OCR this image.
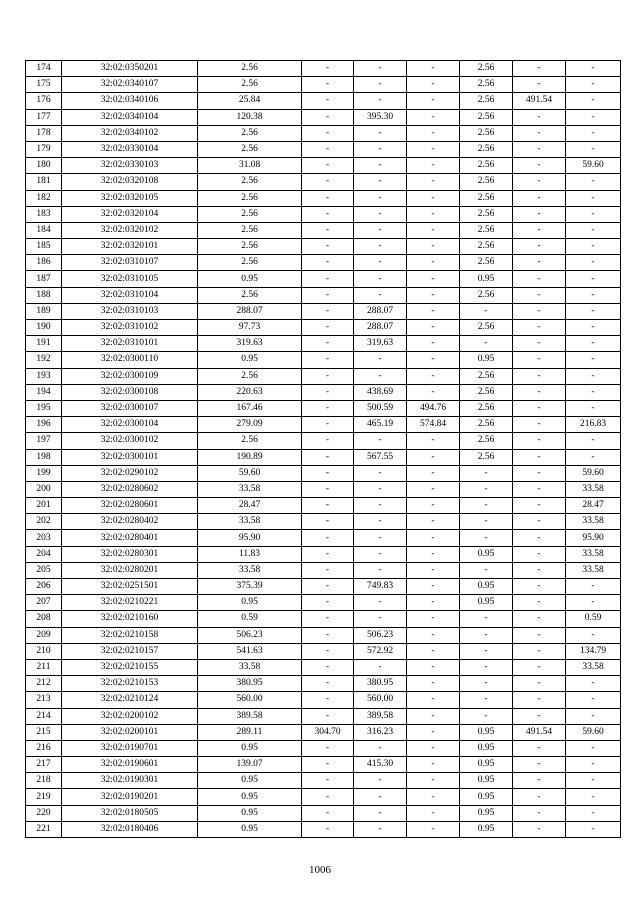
174	32:02:0350201	2.56	-	-	-	2.56	-	-
175	32:02:0340107	2.56	-	-	-	2.56	-	-
176	32:02:0340106	25.84	-	-	-	2.56	491.54	-
177	32:02:0340104	120.38	-	395.30	-	2.56	-	-
178	32:02:0340102	2.56	-	-	-	2.56	-	-
179	32:02:0330104	2.56	-	-	-	2.56	-	-
180	32:02:0330103	31.08	-	-	-	2.56	-	59.60
181	32:02:0320108	2.56	-	-	-	2.56	-	-
182	32:02:0320105	2.56	-	-	-	2.56	-	-
183	32:02:0320104	2.56	-	-	-	2.56	-	-
184	32:02:0320102	2.56	-	-	-	2.56	-	-
185	32:02:0320101	2.56	-	-	-	2.56	-	-
186	32:02:0310107	2.56	-	-	-	2.56	-	-
187	32:02:0310105	0.95	-	-	-	0.95	-	-
188	32:02:0310104	2.56	-	-	-	2.56	-	-
189	32:02:0310103	288.07	-	288.07	-	-	-	-
190	32:02:0310102	97.73	-	288.07	-	2.56	-	-
191	32:02:0310101	319.63	-	319.63	-	-	-	-
192	32:02:0300110	0.95	-	-	-	0.95	-	-
193	32:02:0300109	2.56	-	-	-	2.56	-	-
194	32:02:0300108	220.63	-	438.69	-	2.56	-	-
195	32:02:0300107	167.46	-	500.59	494.76	2.56	-	-
196	32:02:0300104	279.09	-	465.19	574.84	2.56	-	216.83
197	32:02:0300102	2.56	-	-	-	2.56	-	-
198	32:02:0300101	190.89	-	567.55	-	2.56	-	-
199	32:02:0290102	59.60	-	-	-	-	-	59.60
200	32:02:0280602	33.58	-	-	-	-	-	33.58
201	32:02:0280601	28.47	-	-	-	-	-	28.47
202	32:02:0280402	33.58	-	-	-	-	-	33.58
203	32:02:0280401	95.90	-	-	-	-	-	95.90
204	32:02:0280301	11.83	-	-	-	0.95	-	33.58
205	32:02:0280201	33.58	-	-	-	-	-	33.58
206	32:02:0251501	375.39	-	749.83	-	0.95	-	-
207	32:02:0210221	0.95	-	-	-	0.95	-	-
208	32:02:0210160	0.59	-	-	-	-	-	0.59
209	32:02:0210158	506.23	-	506.23	-	-	-	-
210	32:02:0210157	541.63	-	572.92	-	-	-	134.79
211	32:02:0210155	33.58	-	-	-	-	-	33.58
212	32:02:0210153	380.95	-	380.95	-	-	-	-
213	32:02:0210124	560.00	-	560.00	-	-	-	-
214	32:02:0200102	389.58	-	389.58	-	-	-	-
215	32:02:0200101	289.11	304.70	316.23	-	0.95	491.54	59.60
216	32:02:0190701	0.95	-	-	-	0.95	-	-
217	32:02:0190601	139.07	-	415.30	-	0.95	-	-
218	32:02:0190301	0.95	-	-	-	0.95	-	-
219	32:02:0190201	0.95	-	-	-	0.95	-	-
220	32:02:0180505	0.95	-	-	-	0.95	-	-
221	32:02:0180406	0.95	-	-	-	0.95	-	-
1006
